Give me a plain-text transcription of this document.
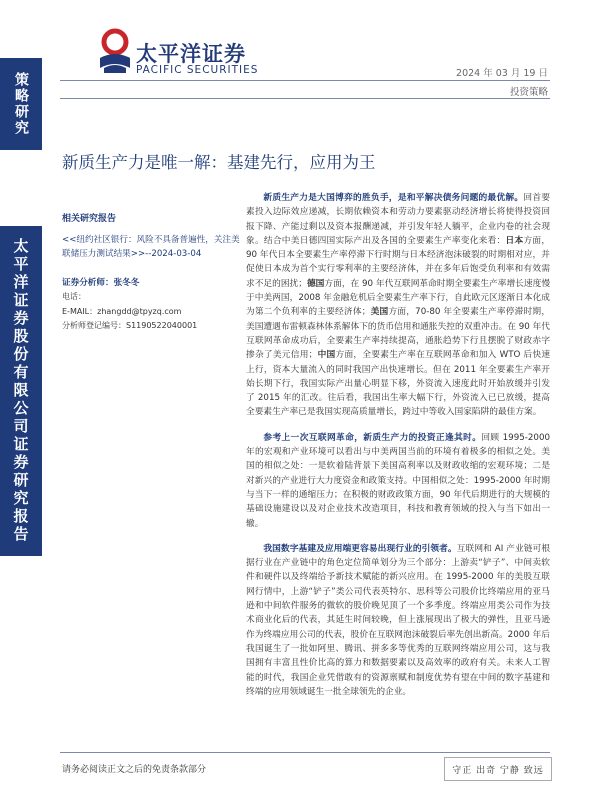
太平洋证券
PACIFIC SECURITIES	2024 年 03 月 19 日
投资策略
策略研究
太平洋证券股份有限公司证券研究报告
新质生产力是唯一解：基建先行，应用为王
相关研究报告
<<纽约社区银行：风险不具备普遍性，关注美联储压力测试结果>>--2024-03-04
证券分析师：张冬冬
电话：
E-MAIL：zhangdd@tpyzq.com
分析师登记编号：S1190522040001

新质生产力是大国博弈的胜负手，是和平解决债务问题的最优解。回首要素投入边际效应递减，长期依赖资本和劳动力要素驱动经济增长将使得投资回报下降、产能过剩以及资本报酬递减，并引发年轻人躺平，企业内卷的社会现象。结合中美日德四国实际产出及各国的全要素生产率变化来看：日本方面，90 年代日本全要素生产率停滞下行时期与日本经济泡沫破裂的时期相对应，并促使日本成为首个实行零利率的主要经济体，并在多年后饱受负利率和有效需求不足的困扰；德国方面，在 90 年代互联网革命时期全要素生产率增长速度慢于中美两国，2008 年金融危机后全要素生产率下行，自此欧元区逐渐日本化成为第二个负利率的主要经济体；美国方面，70-80 年全要素生产率停滞时期，美国遭遇布雷顿森林体系解体下的货币信用和通胀失控的双重冲击。在 90 年代互联网革命成功后，全要素生产率持续提高，通胀趋势下行且摆脱了财政赤字掺杂了美元信用；中国方面，全要素生产率在互联网革命和加入 WTO 后快速上行，资本大量流入的同时我国产出快速增长。但在 2011 年全要素生产率开始长期下行，我国实际产出量心明显下移，外资流入速度此时开始放缓并引发了 2015 年的汇改。往后看，我国出生率大幅下行，外资流入已已放缓，提高全要素生产率已是我国实现高质量增长，跨过中等收入国家陷阱的最佳方案。

参考上一次互联网革命，新质生产力的投资正逢其时。回顾 1995-2000 年的宏观和产业环境可以看出与中美两国当前的环境有着极多的相似之处。美国的相似之处：一是软着陆背景下美国高利率以及财政收缩的宏观环境；二是对新兴的产业进行大力度资金和政策支持。中国相似之处：1995-2000 年时期与当下一样的通缩压力；在积极的财政政策方面，90 年代后期进行的大规模的基础设施建设以及对企业技术改造项目，科技和教育领域的投入与当下如出一辙。

我国数字基建及应用端更容易出现行业的引领者。互联网和 AI 产业链可根据行业在产业链中的角色定位简单划分为三个部分：上游卖“铲子”、中间卖软件和硬件以及终端给予新技术赋能的新兴应用。在 1995-2000 年的美股互联网行情中，上游“铲子”类公司代表英特尔、思科等公司股价比终端应用的亚马逊和中间软件服务的微软的股价晚见顶了一个多季度。终端应用类公司作为技术商业化后的代表，其延生时间较晚，但上涨展现出了极大的弹性，且亚马逊作为终端应用公司的代表，股价在互联网泡沫破裂后率先创出新高。2000 年后我国诞生了一批如阿里、腾讯、拼多多等优秀的互联网终端应用公司，这与我国拥有丰富且性价比高的算力和数据要素以及高效率的政府有关。未来人工智能的时代，我国企业凭借敢有的资源禀赋和制度优势有望在中间的数字基建和终端的应用领域诞生一批全球领先的企业。

请务必阅读正文之后的免责条款部分	守正 出奇 宁静 致远
